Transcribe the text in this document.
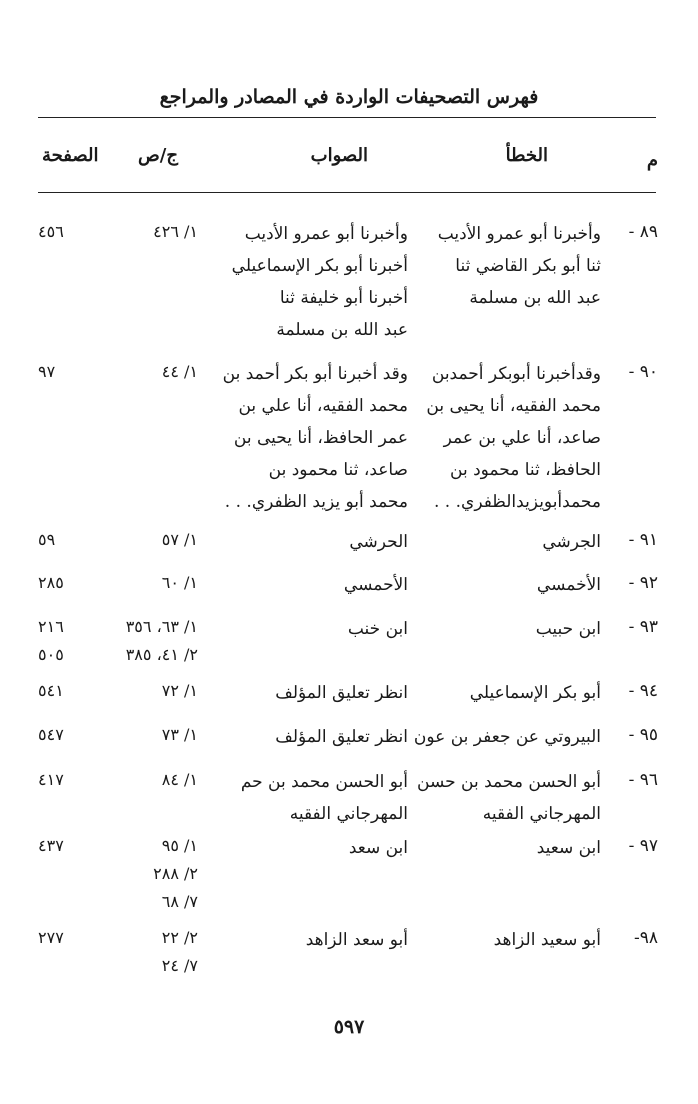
فهرس التصحيفات الواردة في المصادر والمراجع
م
الخطأ
الصواب
ج/ص
الصفحة
٨٩ -
وأخبرنا أبو عمرو الأديب
ثنا أبو بكر القاضي ثنا
عبد الله بن مسلمة
وأخبرنا أبو عمرو الأديب
أخبرنا أبو بكر الإسماعيلي
أخبرنا أبو خليفة ثنا
عبد الله بن مسلمة
١/ ٤٢٦
٤٥٦
٩٠ -
وقدأخبرنا أبوبكر أحمدبن
محمد الفقيه، أنا يحيى بن
صاعد، أنا علي بن عمر
الحافظ، ثنا محمود بن
محمدأبويزيدالظفري. . .
وقد أخبرنا أبو بكر أحمد بن
محمد الفقيه، أنا علي بن
عمر الحافظ، أنا يحيى بن
صاعد، ثنا محمود بن
محمد أبو يزيد الظفري. . .
١/ ٤٤
٩٧
٩١ -
الجرشي
الحرشي
١/ ٥٧
٥٩
٩٢ -
الأخمسي
الأحمسي
١/ ٦٠
٢٨٥
٩٣ -
ابن حبيب
ابن خنب
١/ ٦٣، ٣٥٦
٢/ ٤١، ٣٨٥
٢١٦
٥٠٥
٩٤ -
أبو بكر الإسماعيلي
انظر تعليق المؤلف
١/ ٧٢
٥٤١
٩٥ -
البيروتي عن جعفر بن عون
انظر تعليق المؤلف
١/ ٧٣
٥٤٧
٩٦ -
أبو الحسن محمد بن حسن
المهرجاني الفقيه
أبو الحسن محمد بن حم
المهرجاني الفقيه
١/ ٨٤
٤١٧
٩٧ -
ابن سعيد
ابن سعد
١/ ٩٥
٢/ ٢٨٨
٧/ ٦٨
٤٣٧
٩٨-
أبو سعيد الزاهد
أبو سعد الزاهد
٢/ ٢٢
٧/ ٢٤
٢٧٧
٥٩٧
